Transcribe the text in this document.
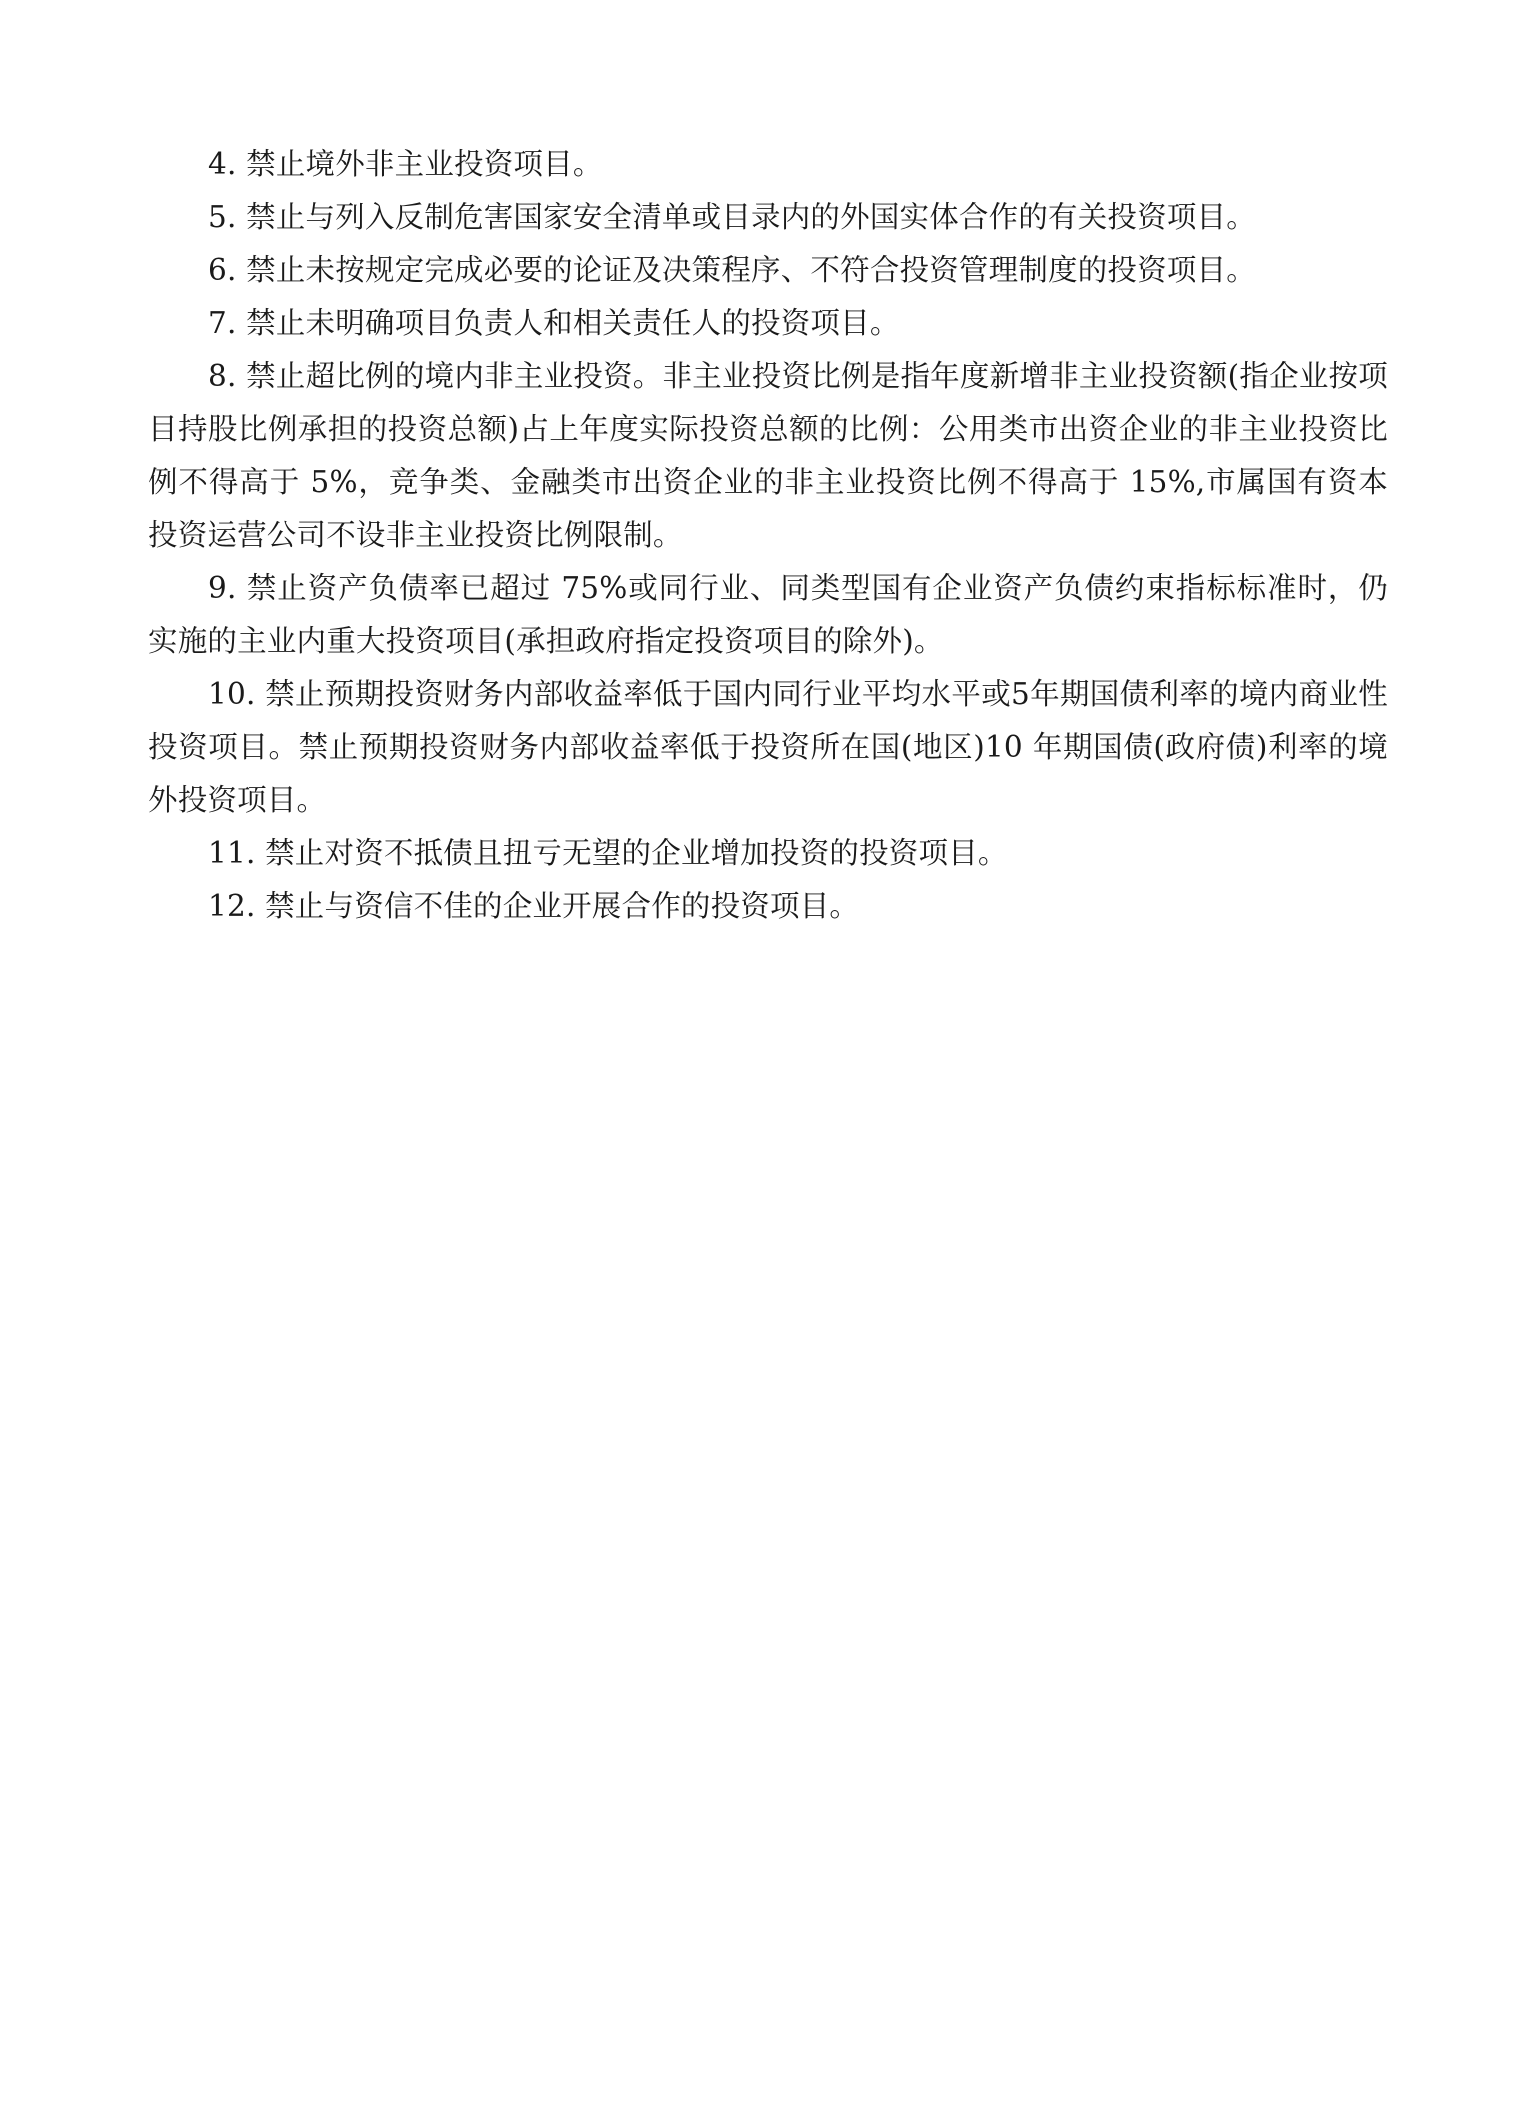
4. 禁止境外非主业投资项目。

5. 禁止与列入反制危害国家安全清单或目录内的外国实体合作的有关投资项目。

6. 禁止未按规定完成必要的论证及决策程序、不符合投资管理制度的投资项目。

7. 禁止未明确项目负责人和相关责任人的投资项目。

8. 禁止超比例的境内非主业投资。非主业投资比例是指年度新增非主业投资额(指企业按项目持股比例承担的投资总额)占上年度实际投资总额的比例：公用类市出资企业的非主业投资比例不得高于 5%，竞争类、金融类市出资企业的非主业投资比例不得高于 15%,市属国有资本投资运营公司不设非主业投资比例限制。

9. 禁止资产负债率已超过 75%或同行业、同类型国有企业资产负债约束指标标准时，仍实施的主业内重大投资项目(承担政府指定投资项目的除外)。

10. 禁止预期投资财务内部收益率低于国内同行业平均水平或5年期国债利率的境内商业性投资项目。禁止预期投资财务内部收益率低于投资所在国(地区)10 年期国债(政府债)利率的境外投资项目。

11. 禁止对资不抵债且扭亏无望的企业增加投资的投资项目。

12. 禁止与资信不佳的企业开展合作的投资项目。
